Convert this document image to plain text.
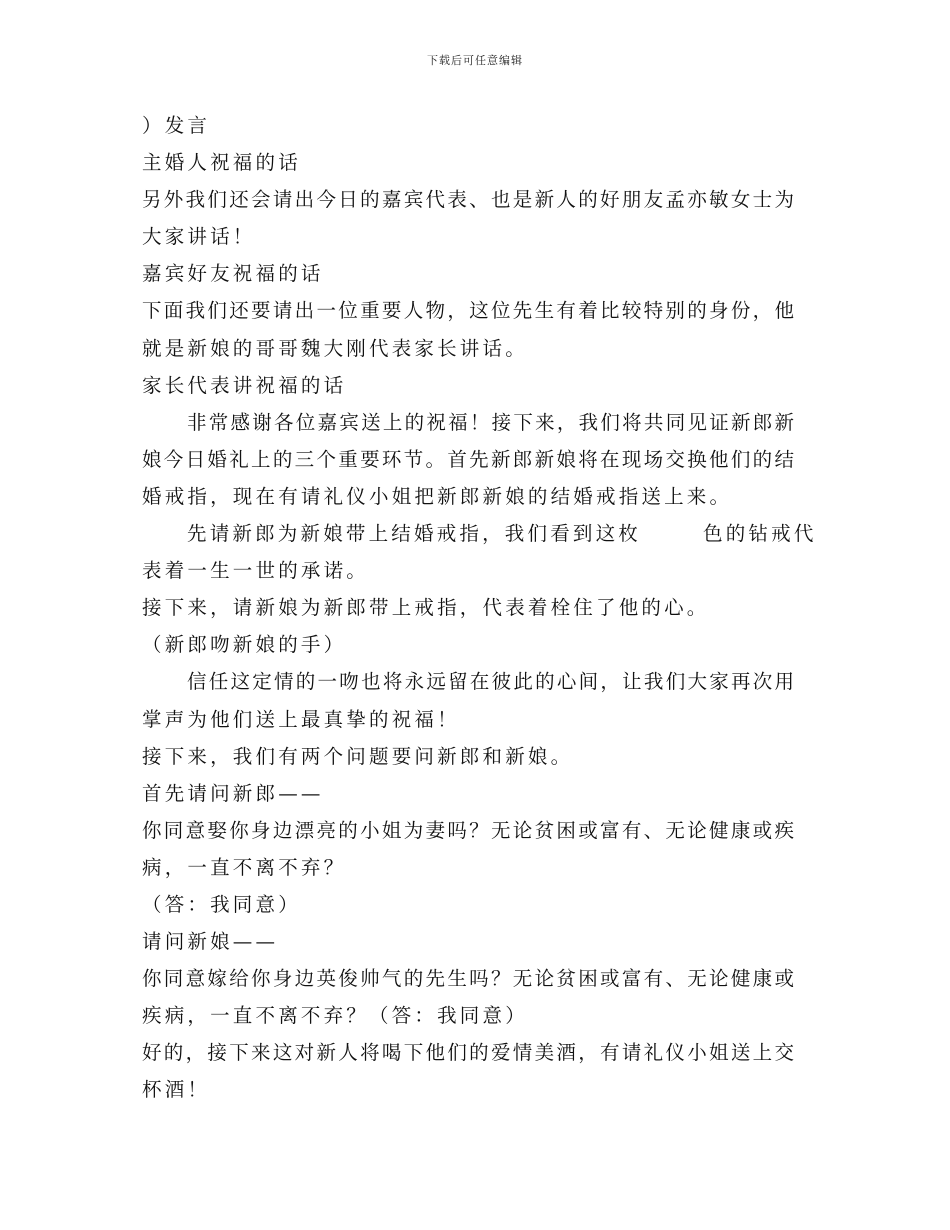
下载后可任意编辑
）发言
主婚人祝福的话
另外我们还会请出今日的嘉宾代表、也是新人的好朋友孟亦敏女士为
大家讲话！
嘉宾好友祝福的话
下面我们还要请出一位重要人物，这位先生有着比较特别的身份，他
就是新娘的哥哥魏大刚代表家长讲话。
家长代表讲祝福的话
非常感谢各位嘉宾送上的祝福！接下来，我们将共同见证新郎新
娘今日婚礼上的三个重要环节。首先新郎新娘将在现场交换他们的结
婚戒指，现在有请礼仪小姐把新郎新娘的结婚戒指送上来。
先请新郎为新娘带上结婚戒指，我们看到这枚	色的钻戒代
表着一生一世的承诺。
接下来，请新娘为新郎带上戒指，代表着栓住了他的心。
（新郎吻新娘的手）
信任这定情的一吻也将永远留在彼此的心间，让我们大家再次用
掌声为他们送上最真挚的祝福！
接下来，我们有两个问题要问新郎和新娘。
首先请问新郎——
你同意娶你身边漂亮的小姐为妻吗？无论贫困或富有、无论健康或疾
病，一直不离不弃？
（答：我同意）
请问新娘——
你同意嫁给你身边英俊帅气的先生吗？无论贫困或富有、无论健康或
疾病，一直不离不弃？（答：我同意）
好的，接下来这对新人将喝下他们的爱情美酒，有请礼仪小姐送上交
杯酒！
